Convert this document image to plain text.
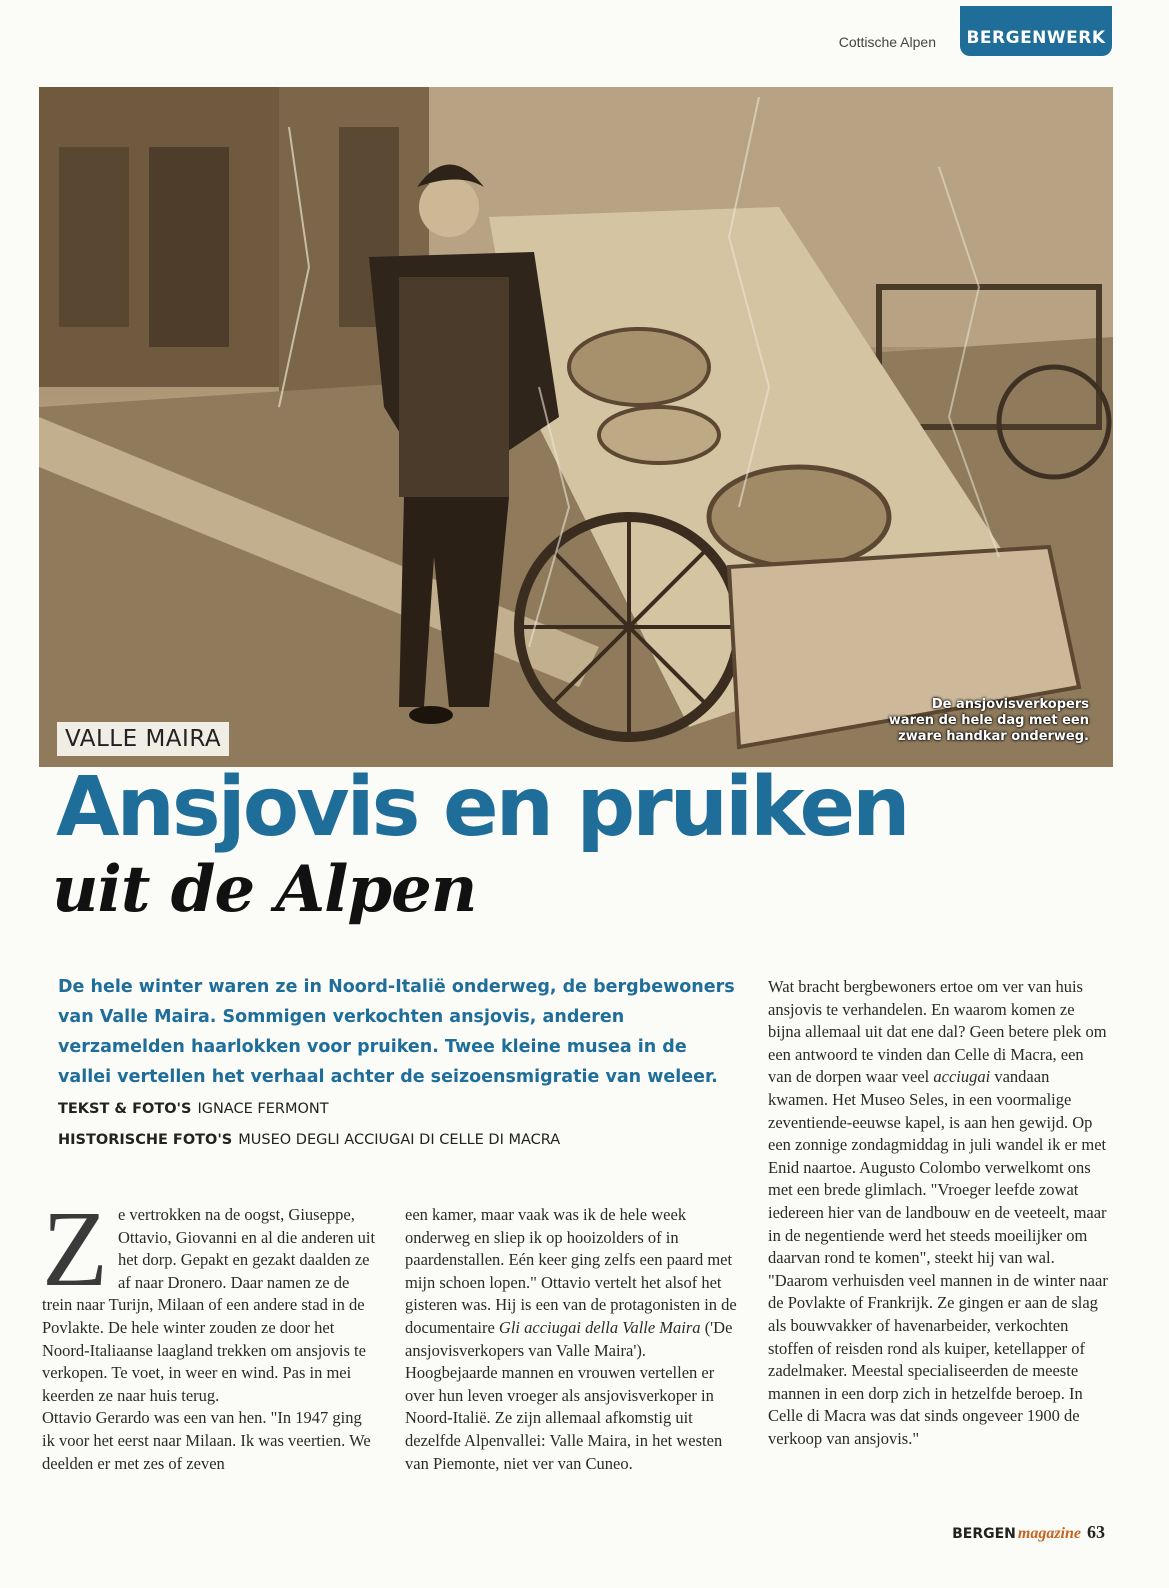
Cottische Alpen	BERGENWERK
De ansjovisverkopers
waren de hele dag met een
zware handkar onderweg.
VALLE MAIRA
Ansjovis en pruiken
uit de Alpen

De hele winter waren ze in Noord-Italië onderweg, de bergbewoners van Valle Maira. Sommigen verkochten ansjovis, anderen verzamelden haarlokken voor pruiken. Twee kleine musea in de vallei vertellen het verhaal achter de seizoensmigratie van weleer.

TEKST & FOTO'S IGNACE FERMONT
HISTORISCHE FOTO'S MUSEO DEGLI ACCIUGAI DI CELLE DI MACRA

Ze vertrokken na de oogst, Giuseppe, Ottavio, Giovanni en al die anderen uit het dorp. Gepakt en gezakt daalden ze af naar Dronero. Daar namen ze de trein naar Turijn, Milaan of een andere stad in de Povlakte. De hele winter zouden ze door het Noord-Italiaanse laagland trekken om ansjovis te verkopen. Te voet, in weer en wind. Pas in mei keerden ze naar huis terug.

Ottavio Gerardo was een van hen. "In 1947 ging ik voor het eerst naar Milaan. Ik was veertien. We deelden er met zes of zeven

een kamer, maar vaak was ik de hele week onderweg en sliep ik op hooizolders of in paardenstallen. Eén keer ging zelfs een paard met mijn schoen lopen." Ottavio vertelt het alsof het gisteren was. Hij is een van de protagonisten in de documentaire Gli acciugai della Valle Maira ('De ansjovisverkopers van Valle Maira'). Hoogbejaarde mannen en vrouwen vertellen er over hun leven vroeger als ansjovisverkoper in Noord-Italië. Ze zijn allemaal afkomstig uit dezelfde Alpenvallei: Valle Maira, in het westen van Piemonte, niet ver van Cuneo.

Wat bracht bergbewoners ertoe om ver van huis ansjovis te verhandelen. En waarom komen ze bijna allemaal uit dat ene dal? Geen betere plek om een antwoord te vinden dan Celle di Macra, een van de dorpen waar veel acciugai vandaan kwamen. Het Museo Seles, in een voormalige zeventiende-eeuwse kapel, is aan hen gewijd. Op een zonnige zondagmiddag in juli wandel ik er met Enid naartoe. Augusto Colombo verwelkomt ons met een brede glimlach. "Vroeger leefde zowat iedereen hier van de landbouw en de veeteelt, maar in de negentiende werd het steeds moeilijker om daarvan rond te komen", steekt hij van wal. "Daarom verhuisden veel mannen in de winter naar de Povlakte of Frankrijk. Ze gingen er aan de slag als bouwvakker of havenarbeider, verkochten stoffen of reisden rond als kuiper, ketellapper of zadelmaker. Meestal specialiseerden de meeste mannen in een dorp zich in hetzelfde beroep. In Celle di Macra was dat sinds ongeveer 1900 de verkoop van ansjovis."

BERGEN magazine 63
